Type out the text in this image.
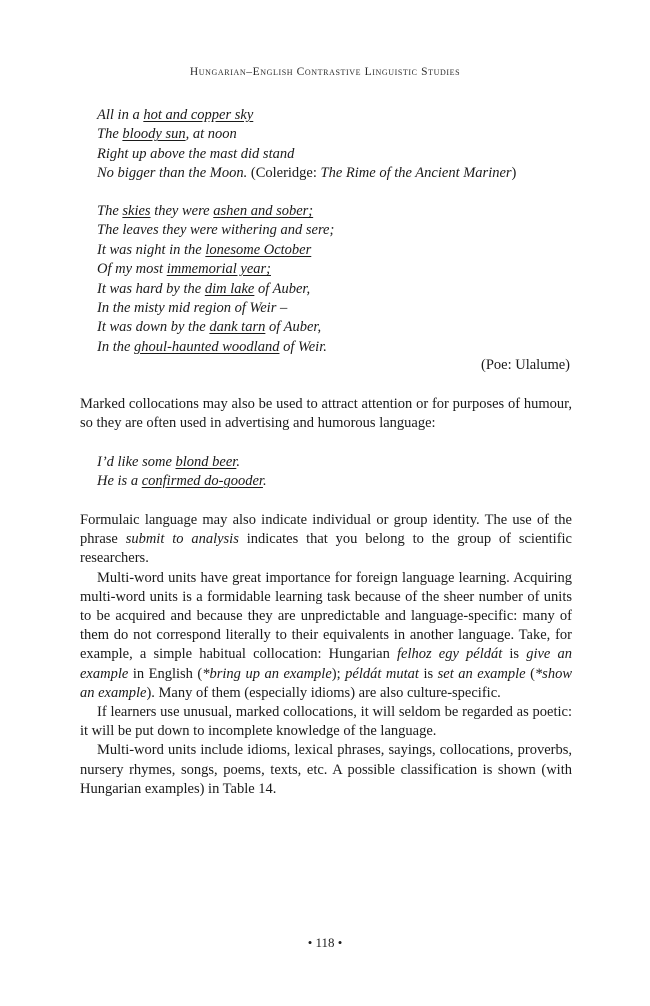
Hungarian–English Contrastive Linguistic Studies
All in a hot and copper sky
The bloody sun, at noon
Right up above the mast did stand
No bigger than the Moon. (Coleridge: The Rime of the Ancient Mariner)
The skies they were ashen and sober;
The leaves they were withering and sere;
It was night in the lonesome October
Of my most immemorial year;
It was hard by the dim lake of Auber,
In the misty mid region of Weir –
It was down by the dank tarn of Auber,
In the ghoul-haunted woodland of Weir.
(Poe: Ulalume)

Marked collocations may also be used to attract attention or for purposes of humour, so they are often used in advertising and humorous language:

I’d like some blond beer.
He is a confirmed do-gooder.

Formulaic language may also indicate individual or group identity. The use of the phrase submit to analysis indicates that you belong to the group of scientific researchers.

Multi-word units have great importance for foreign language learning. Acquiring multi-word units is a formidable learning task because of the sheer number of units to be acquired and because they are unpredictable and language-specific: many of them do not correspond literally to their equivalents in another language. Take, for example, a simple habitual collocation: Hungarian felhoz egy példát is give an example in English (*bring up an example); példát mutat is set an example (*show an example). Many of them (especially idioms) are also culture-specific.

If learners use unusual, marked collocations, it will seldom be regarded as poetic: it will be put down to incomplete knowledge of the language.

Multi-word units include idioms, lexical phrases, sayings, collocations, proverbs, nursery rhymes, songs, poems, texts, etc. A possible classification is shown (with Hungarian examples) in Table 14.

• 118 •
